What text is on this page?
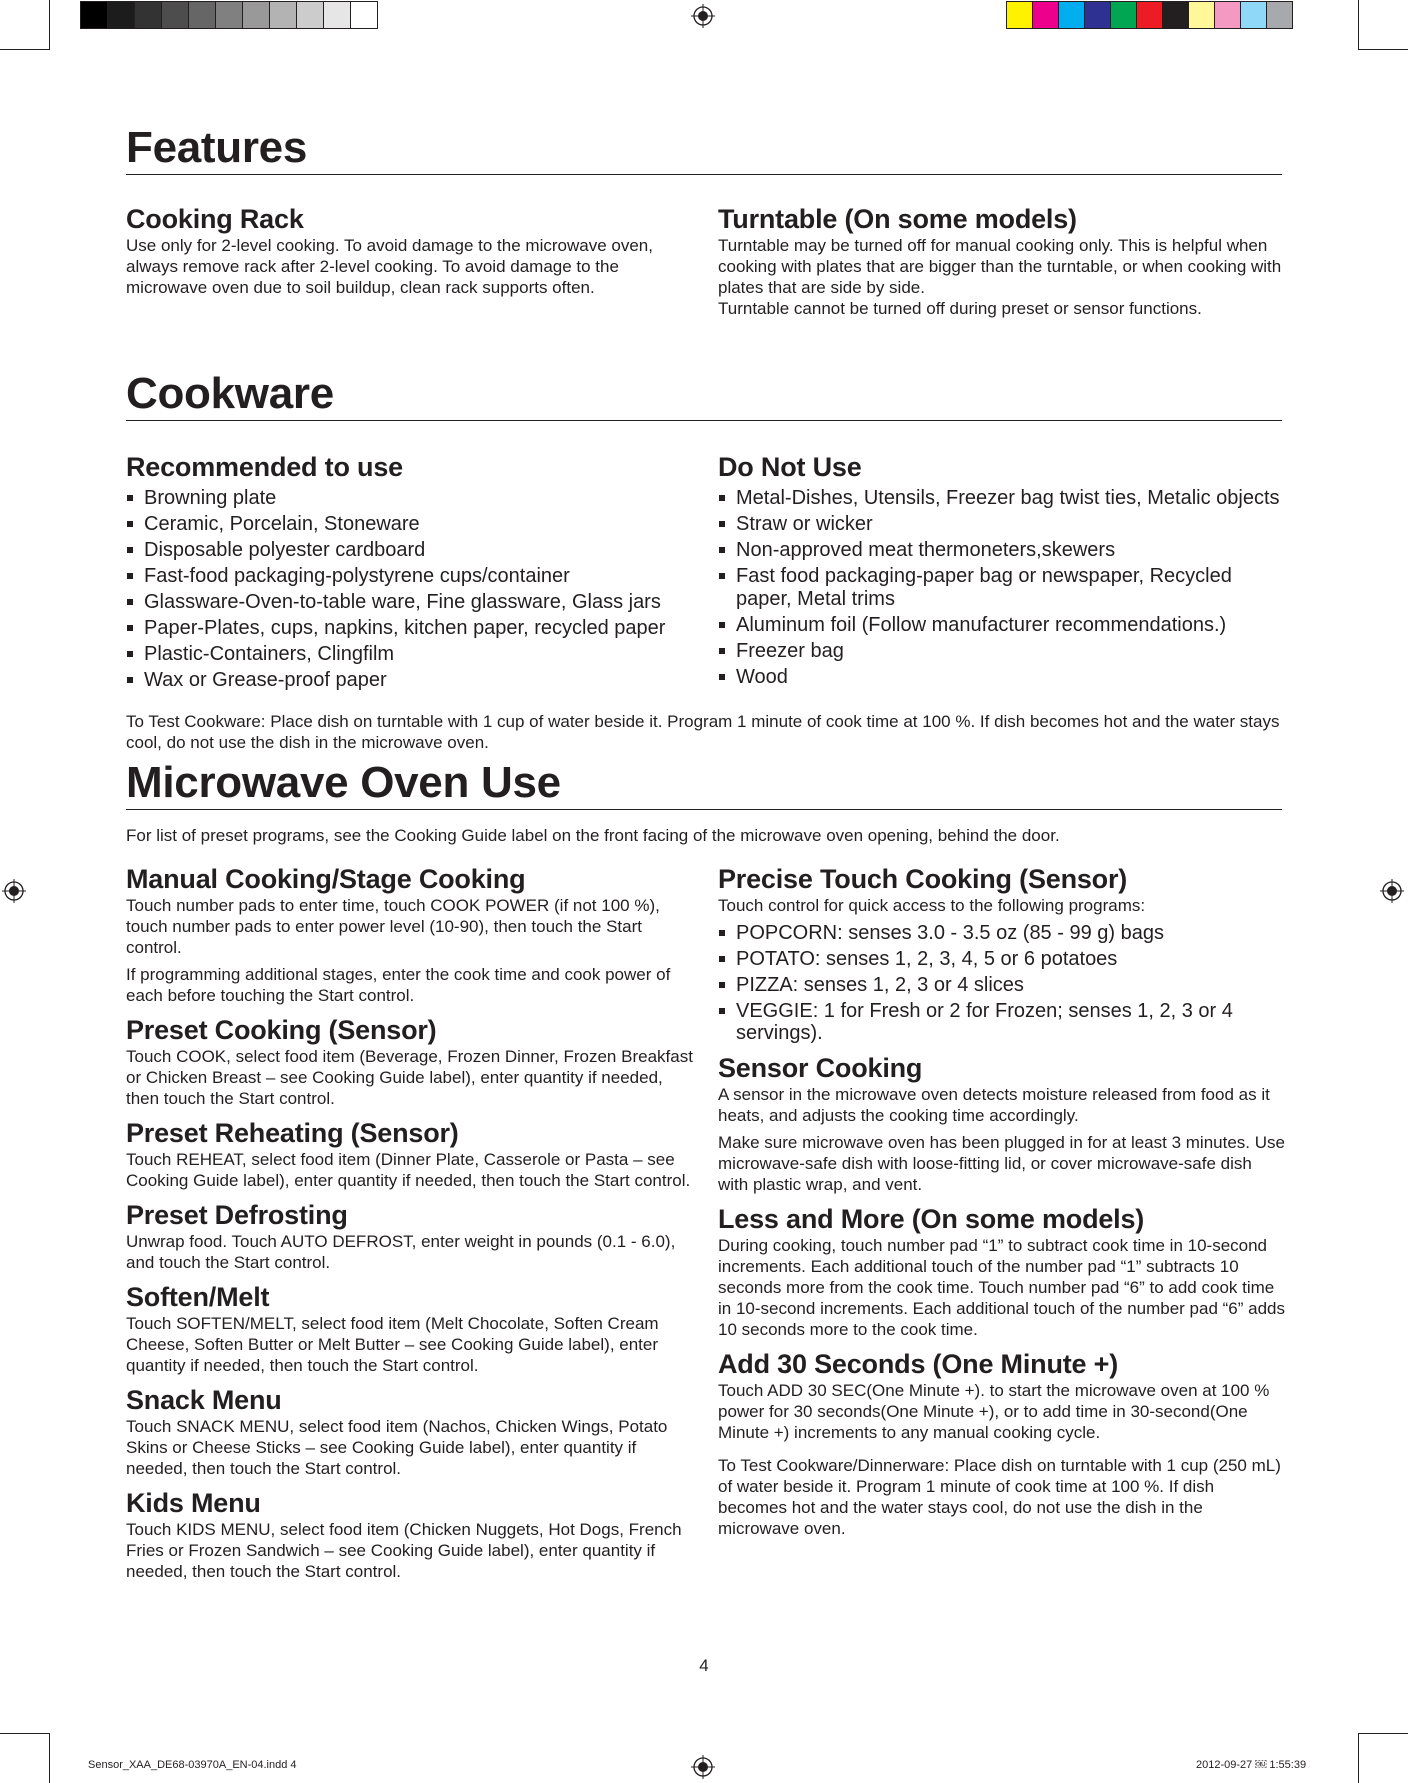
Features
Cooking Rack

Use only for 2-level cooking. To avoid damage to the microwave oven, always remove rack after 2-level cooking. To avoid damage to the microwave oven due to soil buildup, clean rack supports often.

Turntable (On some models)

Turntable may be turned off for manual cooking only. This is helpful when cooking with plates that are bigger than the turntable, or when cooking with plates that are side by side.

Turntable cannot be turned off during preset or sensor functions.

Cookware
Recommended to use
Browning plate
Ceramic, Porcelain, Stoneware
Disposable polyester cardboard
Fast-food packaging-polystyrene cups/container
Glassware-Oven-to-table ware, Fine glassware, Glass jars
Paper-Plates, cups, napkins, kitchen paper, recycled paper
Plastic-Containers, Clingfilm
Wax or Grease-proof paper
Do Not Use
Metal-Dishes, Utensils, Freezer bag twist ties, Metalic objects
Straw or wicker
Non-approved meat thermoneters,skewers
Fast food packaging-paper bag or newspaper, Recycled paper, Metal trims
Aluminum foil (Follow manufacturer recommendations.)
Freezer bag
Wood

To Test Cookware: Place dish on turntable with 1 cup of water beside it. Program 1 minute of cook time at 100 %. If dish becomes hot and the water stays cool, do not use the dish in the microwave oven.

Microwave Oven Use

For list of preset programs, see the Cooking Guide label on the front facing of the microwave oven opening, behind the door.

Manual Cooking/Stage Cooking

Touch number pads to enter time, touch COOK POWER (if not 100 %), touch number pads to enter power level (10-90), then touch the Start control.

If programming additional stages, enter the cook time and cook power of each before touching the Start control.

Preset Cooking (Sensor)

Touch COOK, select food item (Beverage, Frozen Dinner, Frozen Breakfast or Chicken Breast – see Cooking Guide label), enter quantity if needed, then touch the Start control.

Preset Reheating (Sensor)

Touch REHEAT, select food item (Dinner Plate, Casserole or Pasta – see Cooking Guide label), enter quantity if needed, then touch the Start control.

Preset Defrosting

Unwrap food. Touch AUTO DEFROST, enter weight in pounds (0.1 - 6.0), and touch the Start control.

Soften/Melt

Touch SOFTEN/MELT, select food item (Melt Chocolate, Soften Cream Cheese, Soften Butter or Melt Butter – see Cooking Guide label), enter quantity if needed, then touch the Start control.

Snack Menu

Touch SNACK MENU, select food item (Nachos, Chicken Wings, Potato Skins or Cheese Sticks – see Cooking Guide label), enter quantity if needed, then touch the Start control.

Kids Menu

Touch KIDS MENU, select food item (Chicken Nuggets, Hot Dogs, French Fries or Frozen Sandwich – see Cooking Guide label), enter quantity if needed, then touch the Start control.

Precise Touch Cooking (Sensor)

Touch control for quick access to the following programs:

POPCORN: senses 3.0 - 3.5 oz (85 - 99 g) bags
POTATO: senses 1, 2, 3, 4, 5 or 6 potatoes
PIZZA: senses 1, 2, 3 or 4 slices
VEGGIE: 1 for Fresh or 2 for Frozen; senses 1, 2, 3 or 4 servings).
Sensor Cooking

A sensor in the microwave oven detects moisture released from food as it heats, and adjusts the cooking time accordingly.

Make sure microwave oven has been plugged in for at least 3 minutes. Use microwave-safe dish with loose-fitting lid, or cover microwave-safe dish with plastic wrap, and vent.

Less and More (On some models)

During cooking, touch number pad “1” to subtract cook time in 10-second increments. Each additional touch of the number pad “1” subtracts 10 seconds more from the cook time. Touch number pad “6” to add cook time in 10-second increments. Each additional touch of the number pad “6” adds 10 seconds more to the cook time.

Add 30 Seconds (One Minute +)

Touch ADD 30 SEC(One Minute +). to start the microwave oven at 100 % power for 30 seconds(One Minute +), or to add time in 30-second(One Minute +) increments to any manual cooking cycle.

To Test Cookware/Dinnerware: Place dish on turntable with 1 cup (250 mL) of water beside it. Program 1 minute of cook time at 100 %. If dish becomes hot and the water stays cool, do not use the dish in the microwave oven.

4
Sensor_XAA_DE68-03970A_EN-04.indd 4	2012-09-27 ￼ 1:55:39
